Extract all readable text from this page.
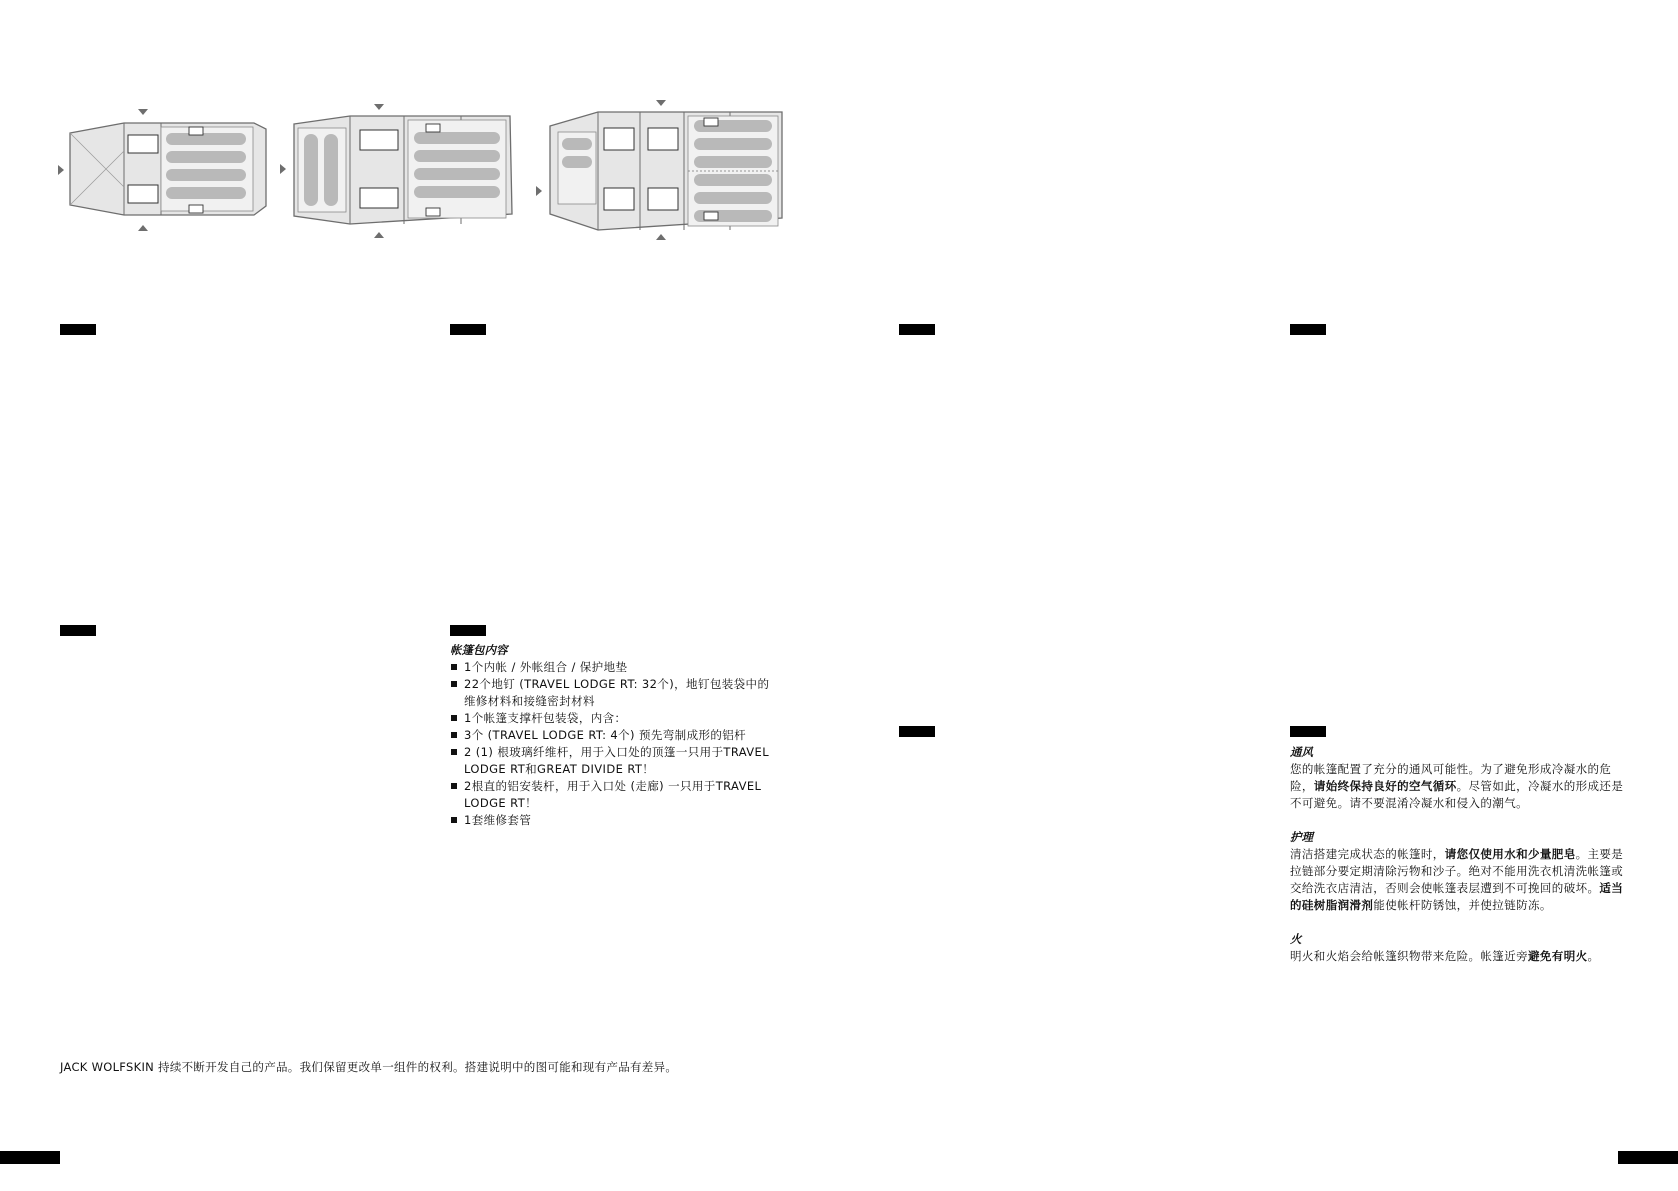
帐篷包内容
1个内帐 / 外帐组合 / 保护地垫
22个地钉 (TRAVEL LODGE RT: 32个)，地钉包装袋中的维修材料和接缝密封材料
1个帐篷支撑杆包装袋，内含：
3个 (TRAVEL LODGE RT: 4个) 预先弯制成形的铝杆
2 (1) 根玻璃纤维杆，用于入口处的顶篷一只用于TRAVEL LODGE RT和GREAT DIVIDE RT！
2根直的铝安装杆，用于入口处 (走廊) 一只用于TRAVEL LODGE RT！
1套维修套管
通风
您的帐篷配置了充分的通风可能性。为了避免形成冷凝水的危险，请始终保持良好的空气循环。尽管如此，冷凝水的形成还是不可避免。请不要混淆冷凝水和侵入的潮气。
护理
清洁搭建完成状态的帐篷时，请您仅使用水和少量肥皂。主要是拉链部分要定期清除污物和沙子。绝对不能用洗衣机清洗帐篷或交给洗衣店清洁，否则会使帐篷表层遭到不可挽回的破坏。适当的硅树脂润滑剂能使帐杆防锈蚀，并使拉链防冻。
火
明火和火焰会给帐篷织物带来危险。帐篷近旁避免有明火。
JACK WOLFSKIN 持续不断开发自己的产品。我们保留更改单一组件的权利。搭建说明中的图可能和现有产品有差异。
